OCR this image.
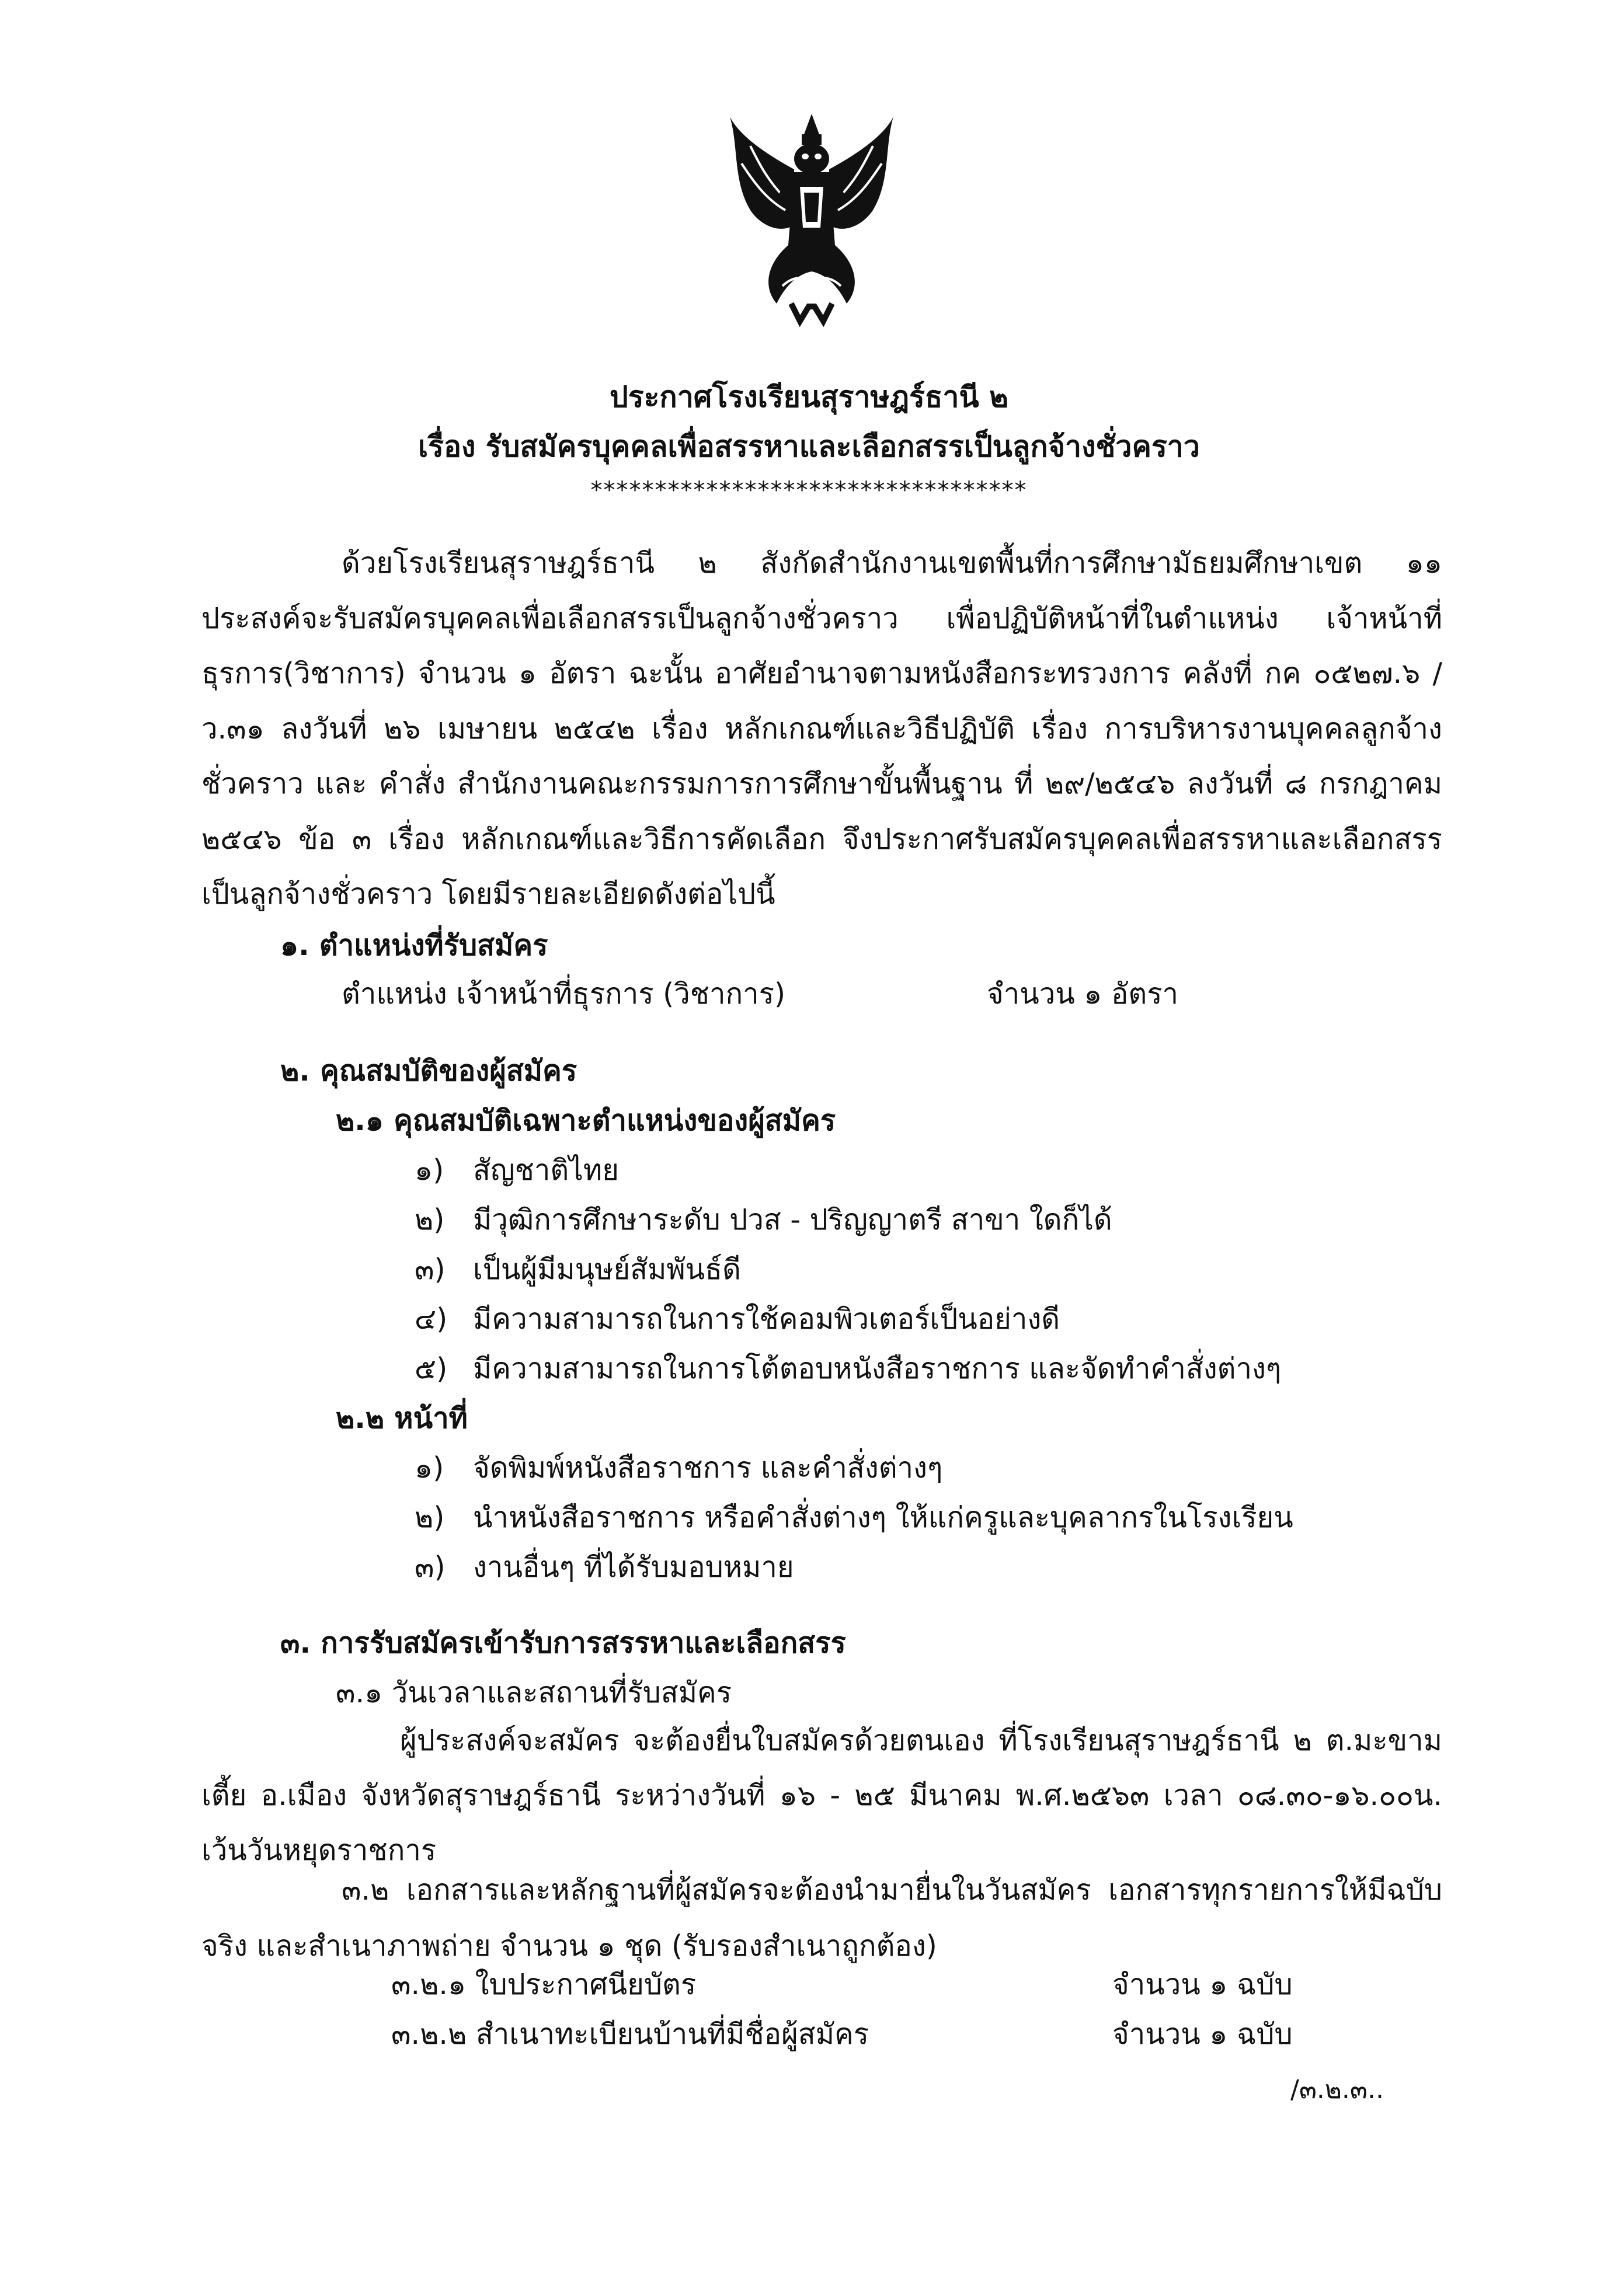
ประกาศโรงเรียนสุราษฎร์ธานี ๒
เรื่อง รับสมัครบุคคลเพื่อสรรหาและเลือกสรรเป็นลูกจ้างชั่วคราว
**********************************

ด้วยโรงเรียนสุราษฎร์ธานี ๒ สังกัดสำนักงานเขตพื้นที่การศึกษามัธยมศึกษาเขต ๑๑ ประสงค์จะรับสมัครบุคคลเพื่อเลือกสรรเป็นลูกจ้างชั่วคราว เพื่อปฏิบัติหน้าที่ในตำแหน่ง เจ้าหน้าที่ธุรการ(วิชาการ) จำนวน ๑ อัตรา ฉะนั้น อาศัยอำนาจตามหนังสือกระทรวงการ คลังที่ กค ๐๕๒๗.๖ /ว.๓๑ ลงวันที่ ๒๖ เมษายน ๒๕๔๒ เรื่อง หลักเกณฑ์และวิธีปฏิบัติ เรื่อง การบริหารงานบุคคลลูกจ้างชั่วคราว และ คำสั่ง สำนักงานคณะกรรมการการศึกษาขั้นพื้นฐาน ที่ ๒๙/๒๕๔๖ ลงวันที่ ๘ กรกฎาคม ๒๕๔๖ ข้อ ๓ เรื่อง หลักเกณฑ์และวิธีการคัดเลือก จึงประกาศรับสมัครบุคคลเพื่อสรรหาและเลือกสรรเป็นลูกจ้างชั่วคราว โดยมีรายละเอียดดังต่อไปนี้

๑. ตำแหน่งที่รับสมัคร
ตำแหน่ง เจ้าหน้าที่ธุรการ (วิชาการ)	จำนวน ๑ อัตรา
๒. คุณสมบัติของผู้สมัคร
๒.๑ คุณสมบัติเฉพาะตำแหน่งของผู้สมัคร
๑) สัญชาติไทย
๒) มีวุฒิการศึกษาระดับ ปวส - ปริญญาตรี สาขา ใดก็ได้
๓) เป็นผู้มีมนุษย์สัมพันธ์ดี
๔) มีความสามารถในการใช้คอมพิวเตอร์เป็นอย่างดี
๕) มีความสามารถในการโต้ตอบหนังสือราชการ และจัดทำคำสั่งต่างๆ
๒.๒ หน้าที่
๑) จัดพิมพ์หนังสือราชการ และคำสั่งต่างๆ
๒) นำหนังสือราชการ หรือคำสั่งต่างๆ ให้แก่ครูและบุคลากรในโรงเรียน
๓) งานอื่นๆ ที่ได้รับมอบหมาย
๓. การรับสมัครเข้ารับการสรรหาและเลือกสรร
๓.๑ วันเวลาและสถานที่รับสมัคร

ผู้ประสงค์จะสมัคร จะต้องยื่นใบสมัครด้วยตนเอง ที่โรงเรียนสุราษฎร์ธานี ๒ ต.มะขามเตี้ย อ.เมือง จังหวัดสุราษฎร์ธานี ระหว่างวันที่ ๑๖ - ๒๕ มีนาคม พ.ศ.๒๕๖๓ เวลา ๐๘.๓๐-๑๖.๐๐น. เว้นวันหยุดราชการ

๓.๒ เอกสารและหลักฐานที่ผู้สมัครจะต้องนำมายื่นในวันสมัคร เอกสารทุกรายการให้มีฉบับจริง และสำเนาภาพถ่าย จำนวน ๑ ชุด (รับรองสำเนาถูกต้อง)

๓.๒.๑ ใบประกาศนียบัตร	จำนวน ๑ ฉบับ
๓.๒.๒ สำเนาทะเบียนบ้านที่มีชื่อผู้สมัคร	จำนวน ๑ ฉบับ
/๓.๒.๓..
